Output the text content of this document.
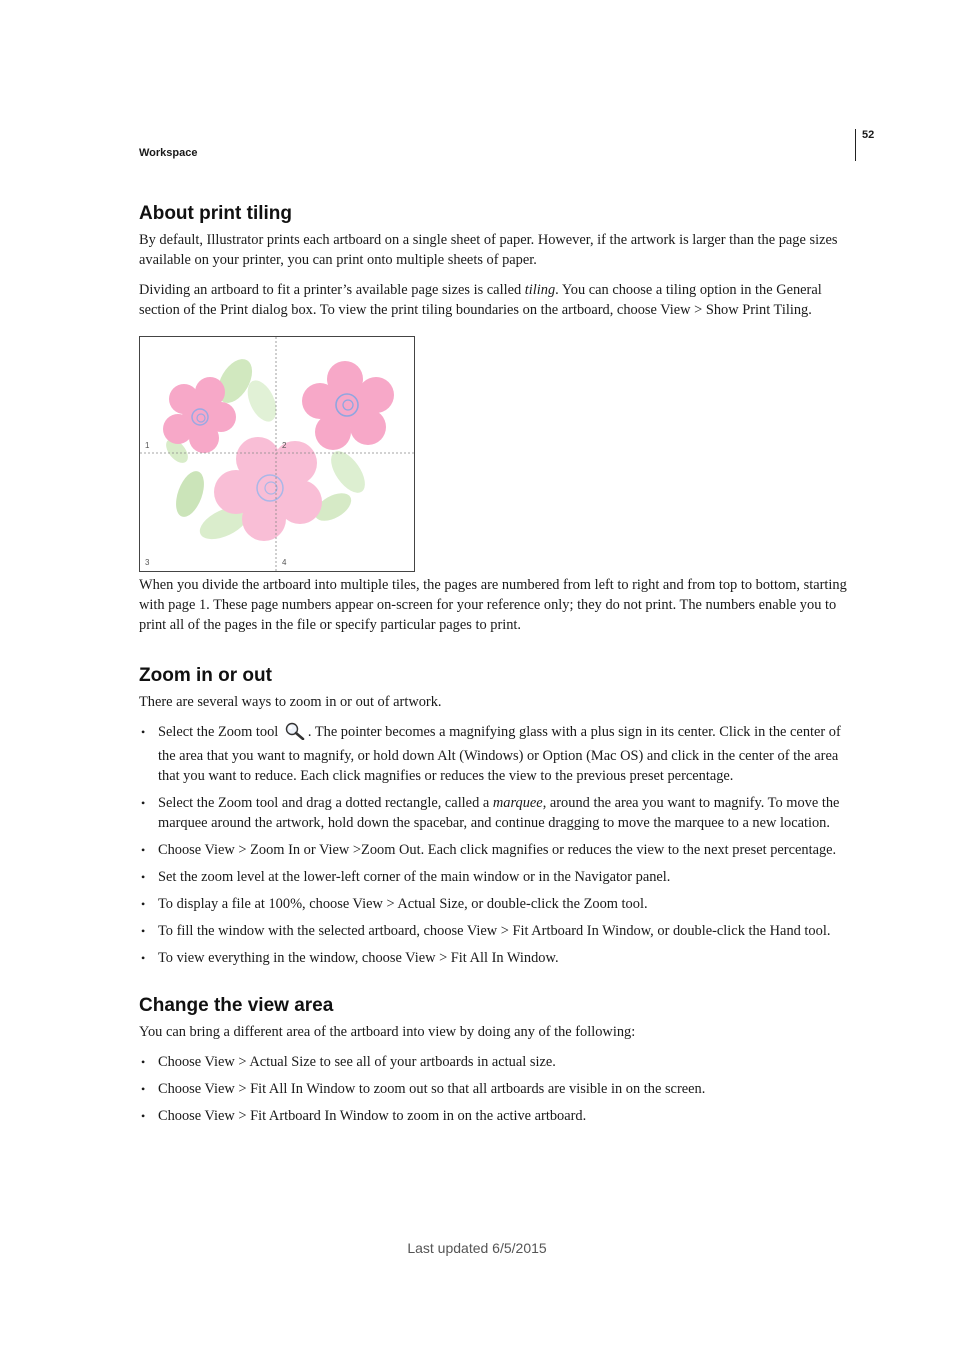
52
Workspace
About print tiling

By default, Illustrator prints each artboard on a single sheet of paper. However, if the artwork is larger than the page sizes available on your printer, you can print onto multiple sheets of paper.

Dividing an artboard to fit a printer’s available page sizes is called tiling. You can choose a tiling option in the General section of the Print dialog box. To view the print tiling boundaries on the artboard, choose View > Show Print Tiling.

1	2
3	4

When you divide the artboard into multiple tiles, the pages are numbered from left to right and from top to bottom, starting with page 1. These page numbers appear on-screen for your reference only; they do not print. The numbers enable you to print all of the pages in the file or specify particular pages to print.

Zoom in or out

There are several ways to zoom in or out of artwork.

• Select the Zoom tool . The pointer becomes a magnifying glass with a plus sign in its center. Click in the center of the area that you want to magnify, or hold down Alt (Windows) or Option (Mac OS) and click in the center of the area that you want to reduce. Each click magnifies or reduces the view to the previous preset percentage.
• Select the Zoom tool and drag a dotted rectangle, called a marquee, around the area you want to magnify. To move the marquee around the artwork, hold down the spacebar, and continue dragging to move the marquee to a new location.
• Choose View > Zoom In or View >Zoom Out. Each click magnifies or reduces the view to the next preset percentage.
• Set the zoom level at the lower-left corner of the main window or in the Navigator panel.
• To display a file at 100%, choose View > Actual Size, or double-click the Zoom tool.
• To fill the window with the selected artboard, choose View > Fit Artboard In Window, or double-click the Hand tool.
• To view everything in the window, choose View > Fit All In Window.
Change the view area

You can bring a different area of the artboard into view by doing any of the following:

• Choose View > Actual Size to see all of your artboards in actual size.
• Choose View > Fit All In Window to zoom out so that all artboards are visible in on the screen.
• Choose View > Fit Artboard In Window to zoom in on the active artboard.
Last updated 6/5/2015
